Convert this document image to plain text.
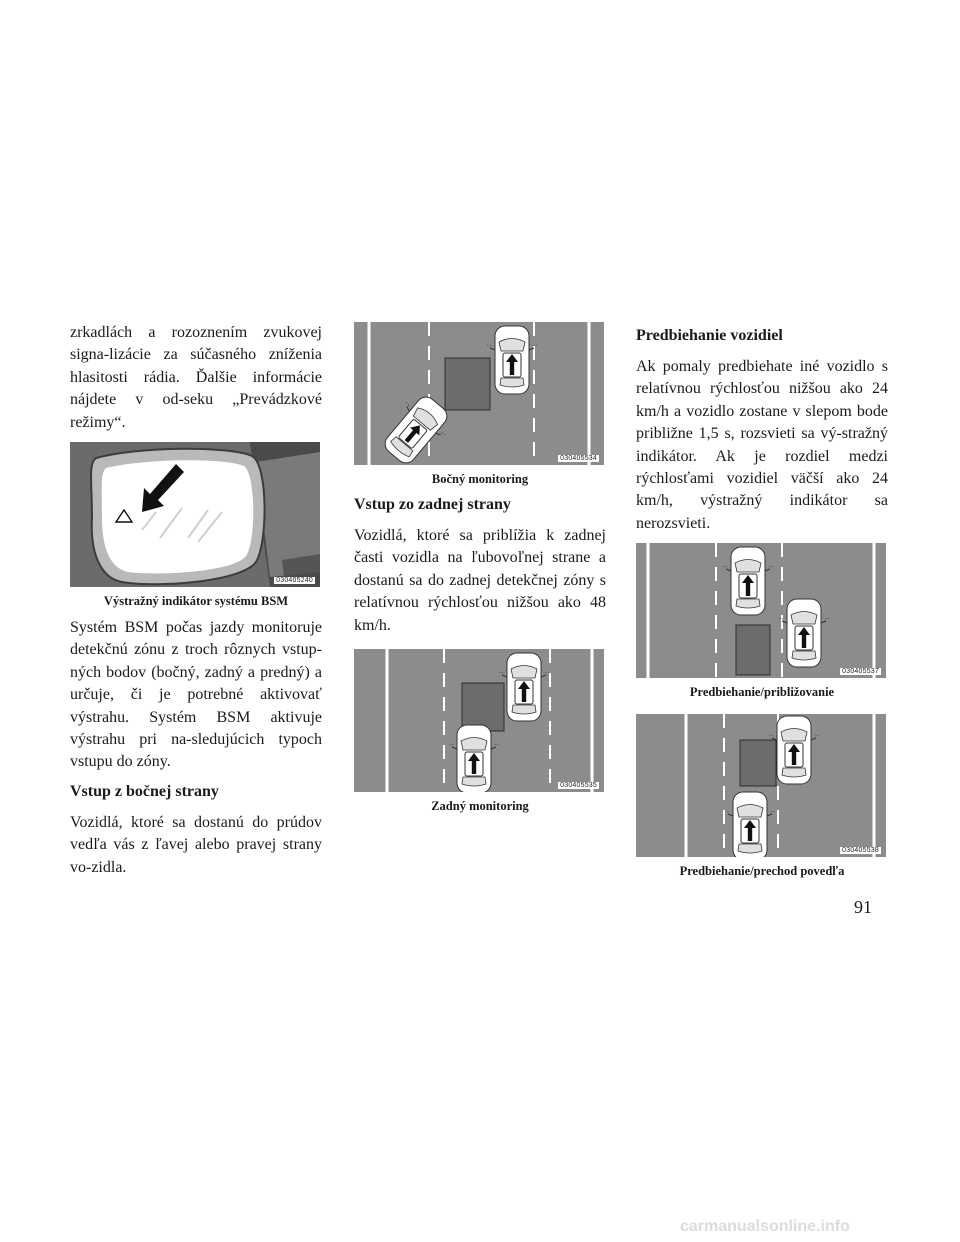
zrkadlách a rozoznením zvukovej signa-lizácie za súčasného zníženia hlasitosti rádia. Ďalšie informácie nájdete v od-seku „Prevádzkové režimy“.

030405240
Výstražný indikátor systému BSM

Systém BSM počas jazdy monitoruje detekčnú zónu z troch rôznych vstup-ných bodov (bočný, zadný a predný) a určuje, či je potrebné aktivovať výstrahu. Systém BSM aktivuje výstrahu pri na-sledujúcich typoch vstupu do zóny.

Vstup z bočnej strany

Vozidlá, ktoré sa dostanú do prúdov vedľa vás z ľavej alebo pravej strany vo-zidla.

030405534
Bočný monitoring
Vstup zo zadnej strany

Vozidlá, ktoré sa priblížia k zadnej časti vozidla na ľubovoľnej strane a dostanú sa do zadnej detekčnej zóny s relatívnou rýchlosťou nižšou ako 48 km/h.

030405535
Zadný monitoring
Predbiehanie vozidiel

Ak pomaly predbiehate iné vozidlo s relatívnou rýchlosťou nižšou ako 24 km/h a vozidlo zostane v slepom bode približne 1,5 s, rozsvieti sa vý-stražný indikátor. Ak je rozdiel medzi rýchlosťami vozidiel väčší ako 24 km/h, výstražný indikátor sa nerozsvieti.

030405537
Predbiehanie/približovanie
030405538
Predbiehanie/prechod povedľa
91
carmanualsonline.info
